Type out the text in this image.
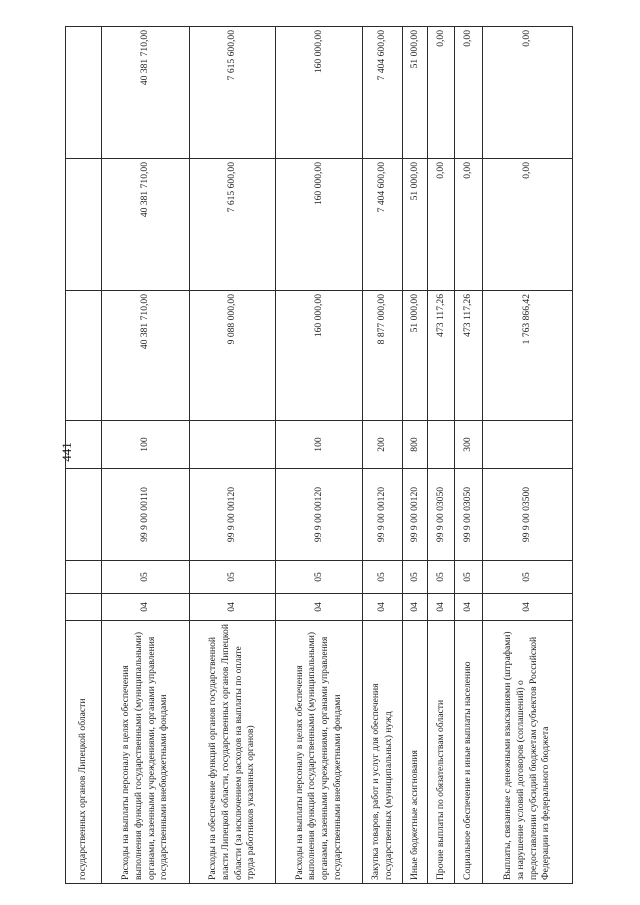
441
государственных органов Липецкой области							
Расходы на выплаты персоналу в целях обеспечения выполнения функций государственными (муниципальными) органами, казенными учреждениями, органами управления государственными внебюджетными фондами	04	05	99 9 00 00110	100	40 381 710,00	40 381 710,00	40 381 710,00
Расходы на обеспечение функций органов государственной власти Липецкой области, государственных органов Липецкой области (за исключением расходов на выплаты по оплате труда работников указанных органов)	04	05	99 9 00 00120		9 088 000,00	7 615 600,00	7 615 600,00
Расходы на выплаты персоналу в целях обеспечения выполнения функций государственными (муниципальными) органами, казенными учреждениями, органами управления государственными внебюджетными фондами	04	05	99 9 00 00120	100	160 000,00	160 000,00	160 000,00
Закупка товаров, работ и услуг для обеспечения государственных (муниципальных) нужд	04	05	99 9 00 00120	200	8 877 000,00	7 404 600,00	7 404 600,00
Иные бюджетные ассигнования	04	05	99 9 00 00120	800	51 000,00	51 000,00	51 000,00
Прочие выплаты по обязательствам области	04	05	99 9 00 03050		473 117,26	0,00	0,00
Социальное обеспечение и иные выплаты населению	04	05	99 9 00 03050	300	473 117,26	0,00	0,00
Выплаты, связанные с денежными взысканиями (штрафами) за нарушение условий договоров (соглашений) о предоставлении субсидий бюджетам субъектов Российской Федерации из федерального бюджета	04	05	99 9 00 03500		1 763 866,42	0,00	0,00
